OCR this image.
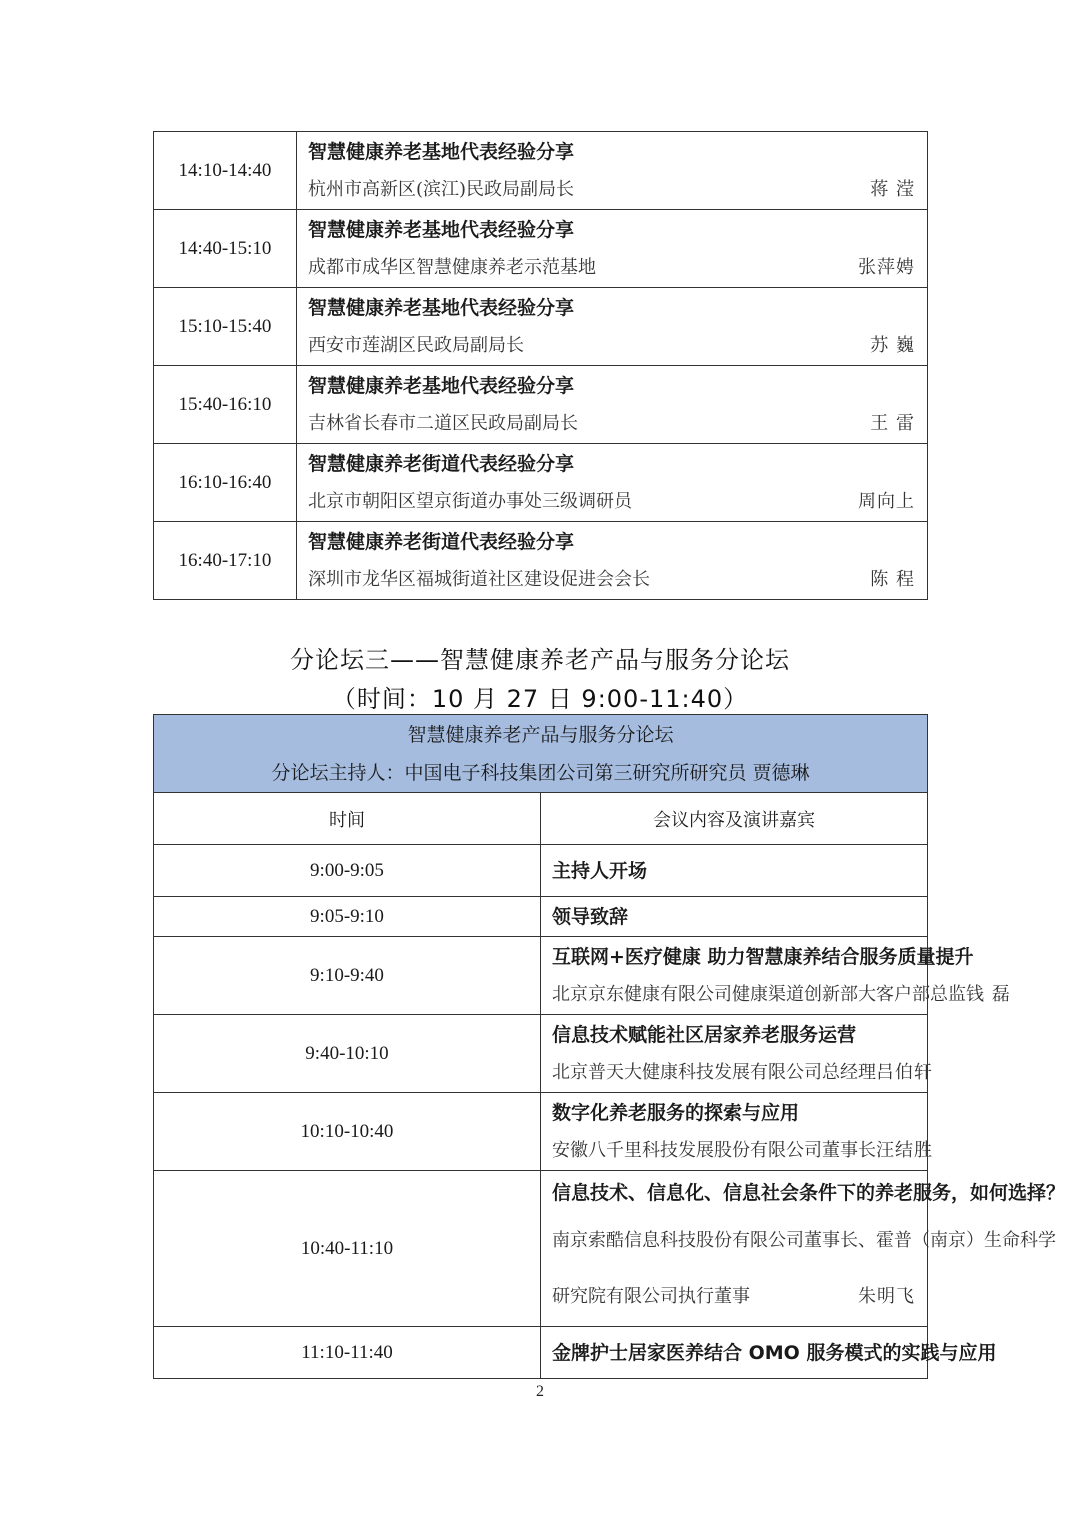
14:10-14:40	智慧健康养老基地代表经验分享
杭州市高新区(滨江)民政局副局长 蒋 滢

14:40-15:10	智慧健康养老基地代表经验分享
成都市成华区智慧健康养老示范基地 张萍娉

15:10-15:40	智慧健康养老基地代表经验分享
西安市莲湖区民政局副局长 苏 巍

15:40-16:10	智慧健康养老基地代表经验分享
吉林省长春市二道区民政局副局长 王 雷

16:10-16:40	智慧健康养老街道代表经验分享
北京市朝阳区望京街道办事处三级调研员 周向上

16:40-17:10	智慧健康养老街道代表经验分享
深圳市龙华区福城街道社区建设促进会会长 陈 程
分论坛三——智慧健康养老产品与服务分论坛
（时间：10 月 27 日 9:00-11:40）
智慧健康养老产品与服务分论坛
分论坛主持人：中国电子科技集团公司第三研究所研究员 贾德琳	

时间	会议内容及演讲嘉宾
9:00-9:05	主持人开场

9:05-9:10	领导致辞

9:10-9:40	互联网+医疗健康 助力智慧康养结合服务质量提升
北京京东健康有限公司健康渠道创新部大客户部总监 钱 磊

9:40-10:10	信息技术赋能社区居家养老服务运营
北京普天大健康科技发展有限公司总经理 吕伯轩

10:10-10:40	数字化养老服务的探索与应用
安徽八千里科技发展股份有限公司董事长 汪结胜

10:40-11:10	信息技术、信息化、信息社会条件下的养老服务，如何选择？
南京索酷信息科技股份有限公司董事长、霍普（南京）生命科学
研究院有限公司执行董事 朱明飞

11:10-11:40	金牌护士居家医养结合 OMO 服务模式的实践与应用
2
